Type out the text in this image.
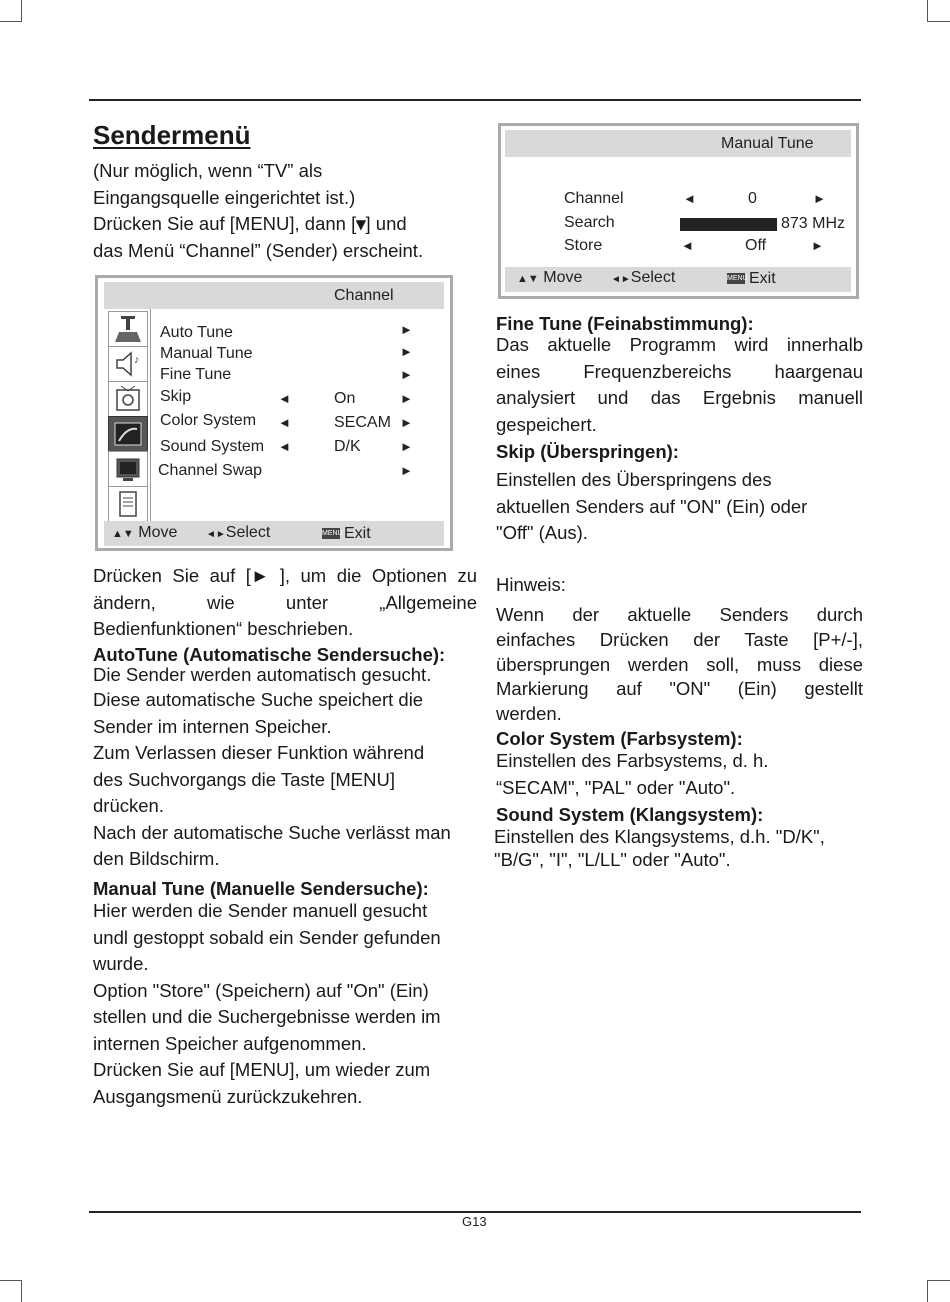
Sendermenü
(Nur möglich, wenn “TV” als
Eingangsquelle eingerichtet ist.)
Drücken Sie auf [MENU], dann [▾] und
das Menü “Channel” (Sender) erscheint.
Channel
♪
Auto Tune	►
Manual Tune	►
Fine Tune	►
Skip	◄	On	►
Color System ◄	SECAM ►
Sound System ◄	D/K	►
Channel Swap	►
▲▼ Move	◄►Select	MENUExit
Manual Tune
Channel	◄	0	►
Search	873 MHz
Store	◄	Off	►
▲▼ Move	◄►Select	MENUExit
Drücken Sie auf [► ], um die Optionen zu
ändern, wie unter „Allgemeine
Bedienfunktionen“ beschrieben.
AutoTune (Automatische Sendersuche):
Die Sender werden automatisch gesucht.
Diese automatische Suche speichert die
Sender im internen Speicher.
Zum Verlassen dieser Funktion während
des Suchvorgangs die Taste [MENU]
drücken.
Nach der automatische Suche verlässt man
den Bildschirm.
Manual Tune (Manuelle Sendersuche):
Hier werden die Sender manuell gesucht
undl gestoppt sobald ein Sender gefunden
wurde.
Option "Store" (Speichern) auf "On" (Ein)
stellen und die Suchergebnisse werden im
internen Speicher aufgenommen.
Drücken Sie auf [MENU], um wieder zum
Ausgangsmenü zurückzukehren.
Fine Tune (Feinabstimmung):
Das aktuelle Programm wird innerhalb
eines Frequenzbereichs haargenau
analysiert und das Ergebnis manuell
gespeichert.
Skip (Überspringen):
Einstellen des Überspringens des
aktuellen Senders auf "ON" (Ein) oder
"Off" (Aus).
Hinweis:
Wenn der aktuelle Senders durch
einfaches Drücken der Taste [P+/-],
übersprungen werden soll, muss diese
Markierung auf "ON" (Ein) gestellt
werden.
Color System (Farbsystem):
Einstellen des Farbsystems, d. h.
“SECAM", "PAL" oder "Auto".
Sound System (Klangsystem):
Einstellen des Klangsystems, d.h. "D/K",
"B/G", "I", "L/LL" oder "Auto".
G13
